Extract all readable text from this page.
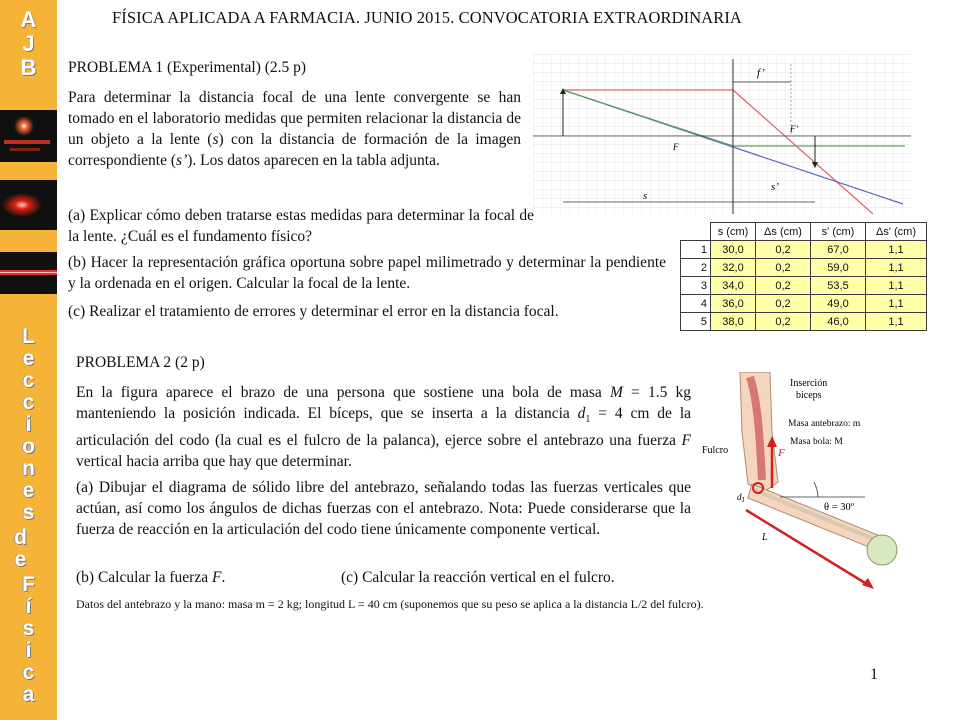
A
J
B
L
e
c
c
i
o
n
e
s
d
e
F
í
s
i
c
a
FÍSICA APLICADA A FARMACIA. JUNIO 2015. CONVOCATORIA EXTRAORDINARIA
PROBLEMA 1 (Experimental) (2.5 p)
Para determinar la distancia focal de una lente convergente se han tomado en el laboratorio medidas que permiten relacionar la distancia de un objeto a la lente (s) con la distancia de formación de la imagen correspondiente (s’). Los datos aparecen en la tabla adjunta.
f’
F’
F
s
s’
(a) Explicar cómo deben tratarse estas medidas para determinar la focal de la lente. ¿Cuál es el fundamento físico?
(b) Hacer la representación gráfica oportuna sobre papel milimetrado y determinar la pendiente y la ordenada en el origen. Calcular la focal de la lente.
(c) Realizar el tratamiento de errores y determinar el error en la distancia focal.
	s (cm)	Δs (cm)	s' (cm)	Δs' (cm)
1	30,0	0,2	67,0	1,1
2	32,0	0,2	59,0	1,1
3	34,0	0,2	53,5	1,1
4	36,0	0,2	49,0	1,1
5	38,0	0,2	46,0	1,1
PROBLEMA 2 (2 p)
En la figura aparece el brazo de una persona que sostiene una bola de masa M = 1.5 kg manteniendo la posición indicada. El bíceps, que se inserta a la distancia $d_1 = 4$ cm de la articulación del codo (la cual es el fulcro de la palanca), ejerce sobre el antebrazo una fuerza F vertical hacia arriba que hay que determinar.
(a) Dibujar el diagrama de sólido libre del antebrazo, señalando todas las fuerzas verticales que actúan, así como los ángulos de dichas fuerzas con el antebrazo. Nota: Puede considerarse que la fuerza de reacción en la articulación del codo tiene únicamente componente vertical.
(b) Calcular la fuerza F.	(c) Calcular la reacción vertical en el fulcro.
Inserción
bíceps
Masa antebrazo: m
Masa bola: M
Fulcro	F
$d_1$
θ = 30º
L
Datos del antebrazo y la mano: masa m = 2 kg; longitud L = 40 cm (suponemos que su peso se aplica a la distancia L/2 del fulcro).
1
